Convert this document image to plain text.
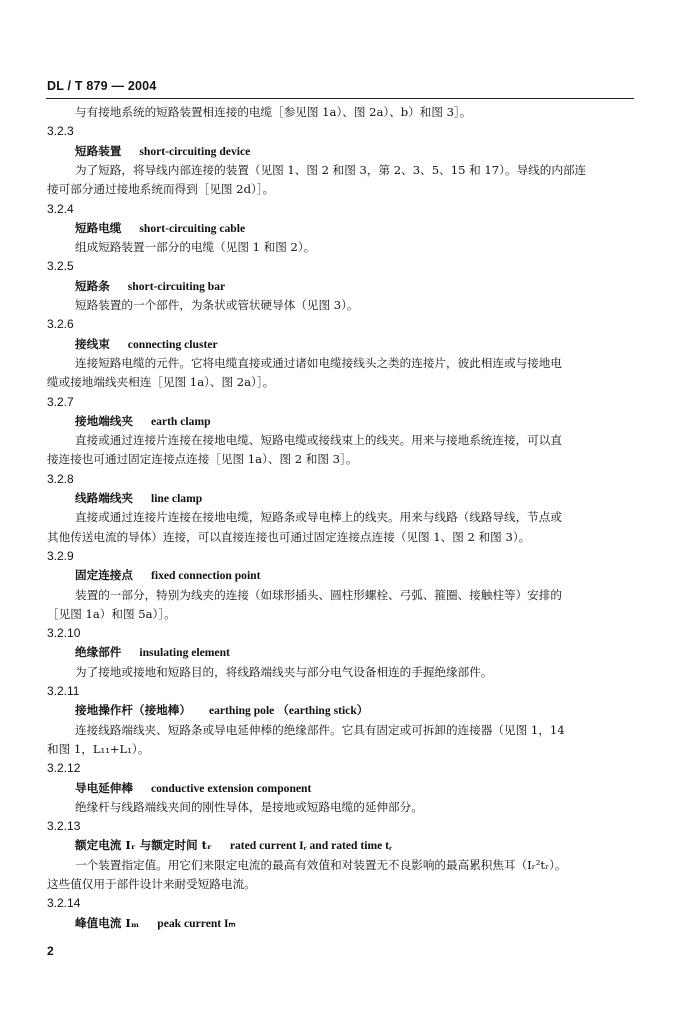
DL / T 879 — 2004
与有接地系统的短路装置相连接的电缆［参见图 1a）、图 2a）、b）和图 3］。
3.2.3
短路装置 short-circuiting device
为了短路，将导线内部连接的装置（见图 1、图 2 和图 3，第 2、3、5、15 和 17）。导线的内部连
接可部分通过接地系统而得到［见图 2d）］。
3.2.4
短路电缆 short-circuiting cable
组成短路装置一部分的电缆（见图 1 和图 2）。
3.2.5
短路条 short-circuiting bar
短路装置的一个部件，为条状或管状硬导体（见图 3）。
3.2.6
接线束 connecting cluster
连接短路电缆的元件。它将电缆直接或通过诸如电缆接线头之类的连接片，彼此相连或与接地电
缆或接地端线夹相连［见图 1a）、图 2a）］。
3.2.7
接地端线夹 earth clamp
直接或通过连接片连接在接地电缆、短路电缆或接线束上的线夹。用来与接地系统连接，可以直
接连接也可通过固定连接点连接［见图 1a）、图 2 和图 3］。
3.2.8
线路端线夹 line clamp
直接或通过连接片连接在接地电缆，短路条或导电棒上的线夹。用来与线路（线路导线，节点或
其他传送电流的导体）连接，可以直接连接也可通过固定连接点连接（见图 1、图 2 和图 3）。
3.2.9
固定连接点 fixed connection point
装置的一部分，特别为线夹的连接（如球形插头、圆柱形螺栓、弓弧、箍圈、接触柱等）安排的
［见图 1a）和图 5a）］。
3.2.10
绝缘部件 insulating element
为了接地或接地和短路目的，将线路端线夹与部分电气设备相连的手握绝缘部件。
3.2.11
接地操作杆（接地棒） earthing pole （earthing stick）
连接线路端线夹、短路条或导电延伸棒的绝缘部件。它具有固定或可拆卸的连接器（见图 1，14
和图 1，L₁₁+L₁）。
3.2.12
导电延伸棒 conductive extension component
绝缘杆与线路端线夹间的刚性导体，是接地或短路电缆的延伸部分。
3.2.13
额定电流 Iᵣ 与额定时间 tᵣ rated current Iᵣ and rated time tᵣ
一个装置指定值。用它们来限定电流的最高有效值和对装置无不良影响的最高累积焦耳（Iᵣ²tᵣ）。
这些值仅用于部件设计来耐受短路电流。
3.2.14
峰值电流 Iₘ peak current Iₘ
2
